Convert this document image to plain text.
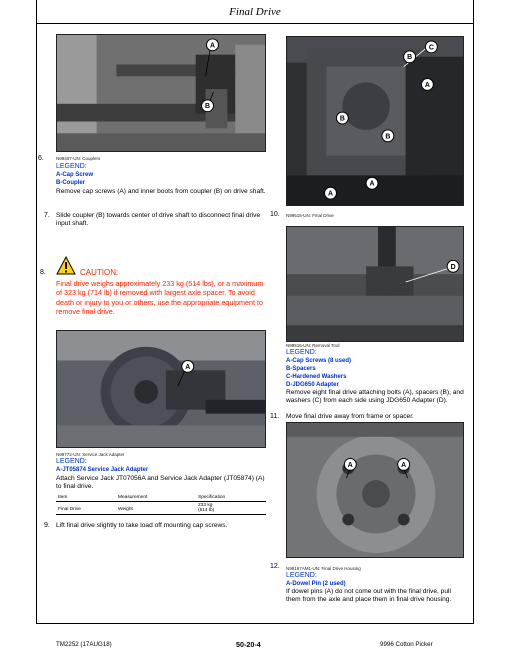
Final Drive
A
B
N99407-UN: Couplers
6.
LEGEND:
A-Cap Screw
B-Coupler
Remove cap screws (A) and inner boots from coupler (B) on drive shaft.
7. Slide coupler (B) towards center of drive shaft to disconnect final drive input shaft.
8.	CAUTION:
Final drive weighs approximately 233 kg (514 lbs), or a maximum of 323 kg (714 lb) if removed with largest axle spacer. To avoid death or injury to you or others, use the appropriate equipment to remove final drive.
A
N99772-UN: Service Jack Adapter
LEGEND:
A-JT05874 Service Jack Adapter
Attach Service Jack JT07056A and Service Jack Adapter (JT05874) (A) to final drive.
Item	Measurement	Specification
Final Drive	Weight	233 kg
(514 lb)
9. Lift final drive slightly to take load off mounting cap screws.
C
B
A
B
B
A
A
10. N99515-UN: Final Drive
D
N99516-UN: Removal Tool
LEGEND:
A-Cap Screws (8 used)
B-Spacers
C-Hardened Washers
D-JDG650 Adapter
Remove eight final drive attaching bolts (A), spacers (B), and washers (C) from each side using JDG650 Adapter (D).
11. Move final drive away from frame or spacer.
A	A
12. N99167AM1-UN: Final Drive Housing
LEGEND:
A-Dowel Pin (2 used)
If dowel pins (A) do not come out with the final drive, pull them from the axle and place them in final drive housing.
TM2252 (17AUG18)	50-20-4	9996 Cotton Picker
